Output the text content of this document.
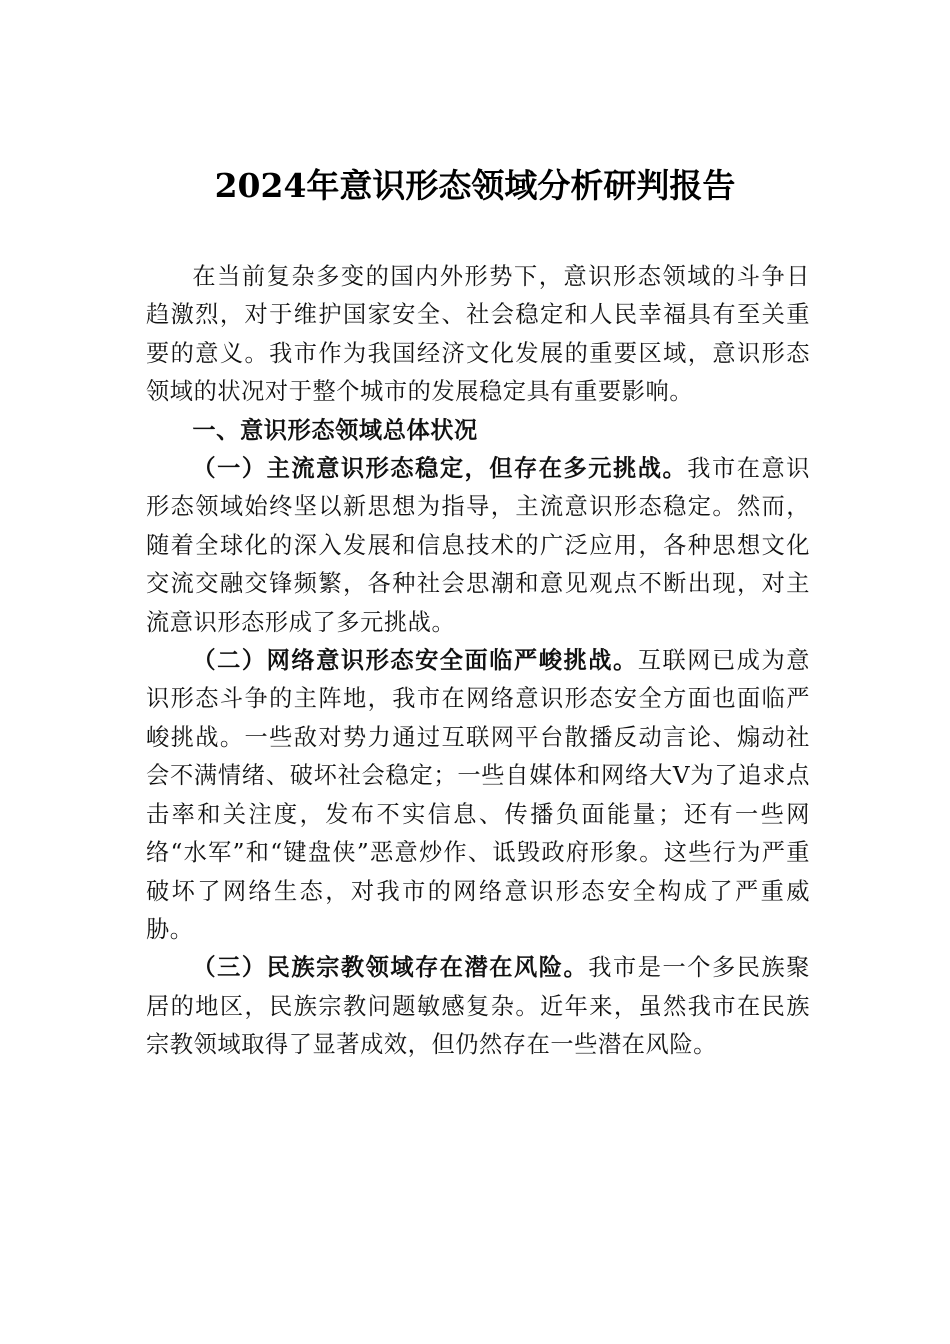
2024年意识形态领域分析研判报告

在当前复杂多变的国内外形势下，意识形态领域的斗争日趋激烈，对于维护国家安全、社会稳定和人民幸福具有至关重要的意义。我市作为我国经济文化发展的重要区域，意识形态领域的状况对于整个城市的发展稳定具有重要影响。

一、意识形态领域总体状况

（一）主流意识形态稳定，但存在多元挑战。我市在意识形态领域始终坚以新思想为指导，主流意识形态稳定。然而，随着全球化的深入发展和信息技术的广泛应用，各种思想文化交流交融交锋频繁，各种社会思潮和意见观点不断出现，对主流意识形态形成了多元挑战。

（二）网络意识形态安全面临严峻挑战。互联网已成为意识形态斗争的主阵地，我市在网络意识形态安全方面也面临严峻挑战。一些敌对势力通过互联网平台散播反动言论、煽动社会不满情绪、破坏社会稳定；一些自媒体和网络大V为了追求点击率和关注度，发布不实信息、传播负面能量；还有一些网络“水军”和“键盘侠”恶意炒作、诋毁政府形象。这些行为严重破坏了网络生态，对我市的网络意识形态安全构成了严重威胁。

（三）民族宗教领域存在潜在风险。我市是一个多民族聚居的地区，民族宗教问题敏感复杂。近年来，虽然我市在民族宗教领域取得了显著成效，但仍然存在一些潜在风险。
